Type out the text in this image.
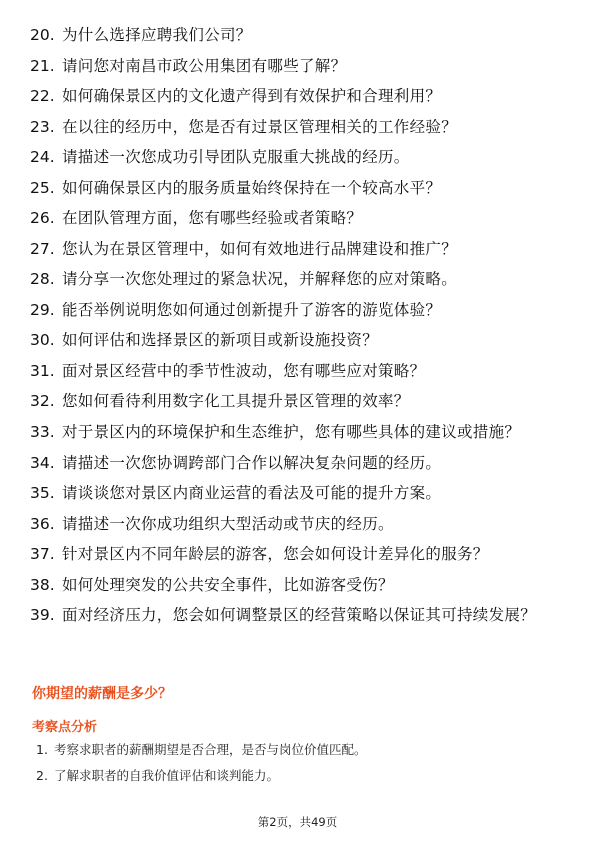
20. 为什么选择应聘我们公司？
21. 请问您对南昌市政公用集团有哪些了解？
22. 如何确保景区内的文化遗产得到有效保护和合理利用？
23. 在以往的经历中，您是否有过景区管理相关的工作经验？
24. 请描述一次您成功引导团队克服重大挑战的经历。
25. 如何确保景区内的服务质量始终保持在一个较高水平？
26. 在团队管理方面，您有哪些经验或者策略？
27. 您认为在景区管理中，如何有效地进行品牌建设和推广？
28. 请分享一次您处理过的紧急状况，并解释您的应对策略。
29. 能否举例说明您如何通过创新提升了游客的游览体验？
30. 如何评估和选择景区的新项目或新设施投资？
31. 面对景区经营中的季节性波动，您有哪些应对策略？
32. 您如何看待利用数字化工具提升景区管理的效率？
33. 对于景区内的环境保护和生态维护，您有哪些具体的建议或措施？
34. 请描述一次您协调跨部门合作以解决复杂问题的经历。
35. 请谈谈您对景区内商业运营的看法及可能的提升方案。
36. 请描述一次你成功组织大型活动或节庆的经历。
37. 针对景区内不同年龄层的游客，您会如何设计差异化的服务？
38. 如何处理突发的公共安全事件，比如游客受伤？
39. 面对经济压力，您会如何调整景区的经营策略以保证其可持续发展？
你期望的薪酬是多少？
考察点分析
1. 考察求职者的薪酬期望是否合理，是否与岗位价值匹配。
2. 了解求职者的自我价值评估和谈判能力。
第2页，共49页
